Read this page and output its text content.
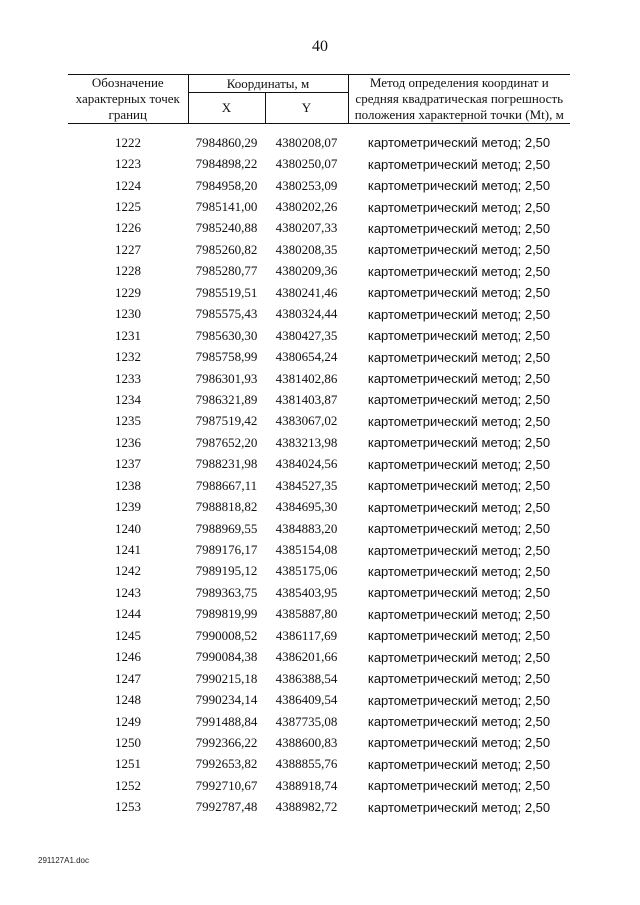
40
Обозначение характерных точек границ	Координаты, м		Метод определения координат и средняя квадратическая погрешность положения характерной точки (Mt), м
	X	Y	

1222	7984860,29	4380208,07	картометрический метод; 2,50
1223	7984898,22	4380250,07	картометрический метод; 2,50
1224	7984958,20	4380253,09	картометрический метод; 2,50
1225	7985141,00	4380202,26	картометрический метод; 2,50
1226	7985240,88	4380207,33	картометрический метод; 2,50
1227	7985260,82	4380208,35	картометрический метод; 2,50
1228	7985280,77	4380209,36	картометрический метод; 2,50
1229	7985519,51	4380241,46	картометрический метод; 2,50
1230	7985575,43	4380324,44	картометрический метод; 2,50
1231	7985630,30	4380427,35	картометрический метод; 2,50
1232	7985758,99	4380654,24	картометрический метод; 2,50
1233	7986301,93	4381402,86	картометрический метод; 2,50
1234	7986321,89	4381403,87	картометрический метод; 2,50
1235	7987519,42	4383067,02	картометрический метод; 2,50
1236	7987652,20	4383213,98	картометрический метод; 2,50
1237	7988231,98	4384024,56	картометрический метод; 2,50
1238	7988667,11	4384527,35	картометрический метод; 2,50
1239	7988818,82	4384695,30	картометрический метод; 2,50
1240	7988969,55	4384883,20	картометрический метод; 2,50
1241	7989176,17	4385154,08	картометрический метод; 2,50
1242	7989195,12	4385175,06	картометрический метод; 2,50
1243	7989363,75	4385403,95	картометрический метод; 2,50
1244	7989819,99	4385887,80	картометрический метод; 2,50
1245	7990008,52	4386117,69	картометрический метод; 2,50
1246	7990084,38	4386201,66	картометрический метод; 2,50
1247	7990215,18	4386388,54	картометрический метод; 2,50
1248	7990234,14	4386409,54	картометрический метод; 2,50
1249	7991488,84	4387735,08	картометрический метод; 2,50
1250	7992366,22	4388600,83	картометрический метод; 2,50
1251	7992653,82	4388855,76	картометрический метод; 2,50
1252	7992710,67	4388918,74	картометрический метод; 2,50
1253	7992787,48	4388982,72	картометрический метод; 2,50
291127A1.doc
